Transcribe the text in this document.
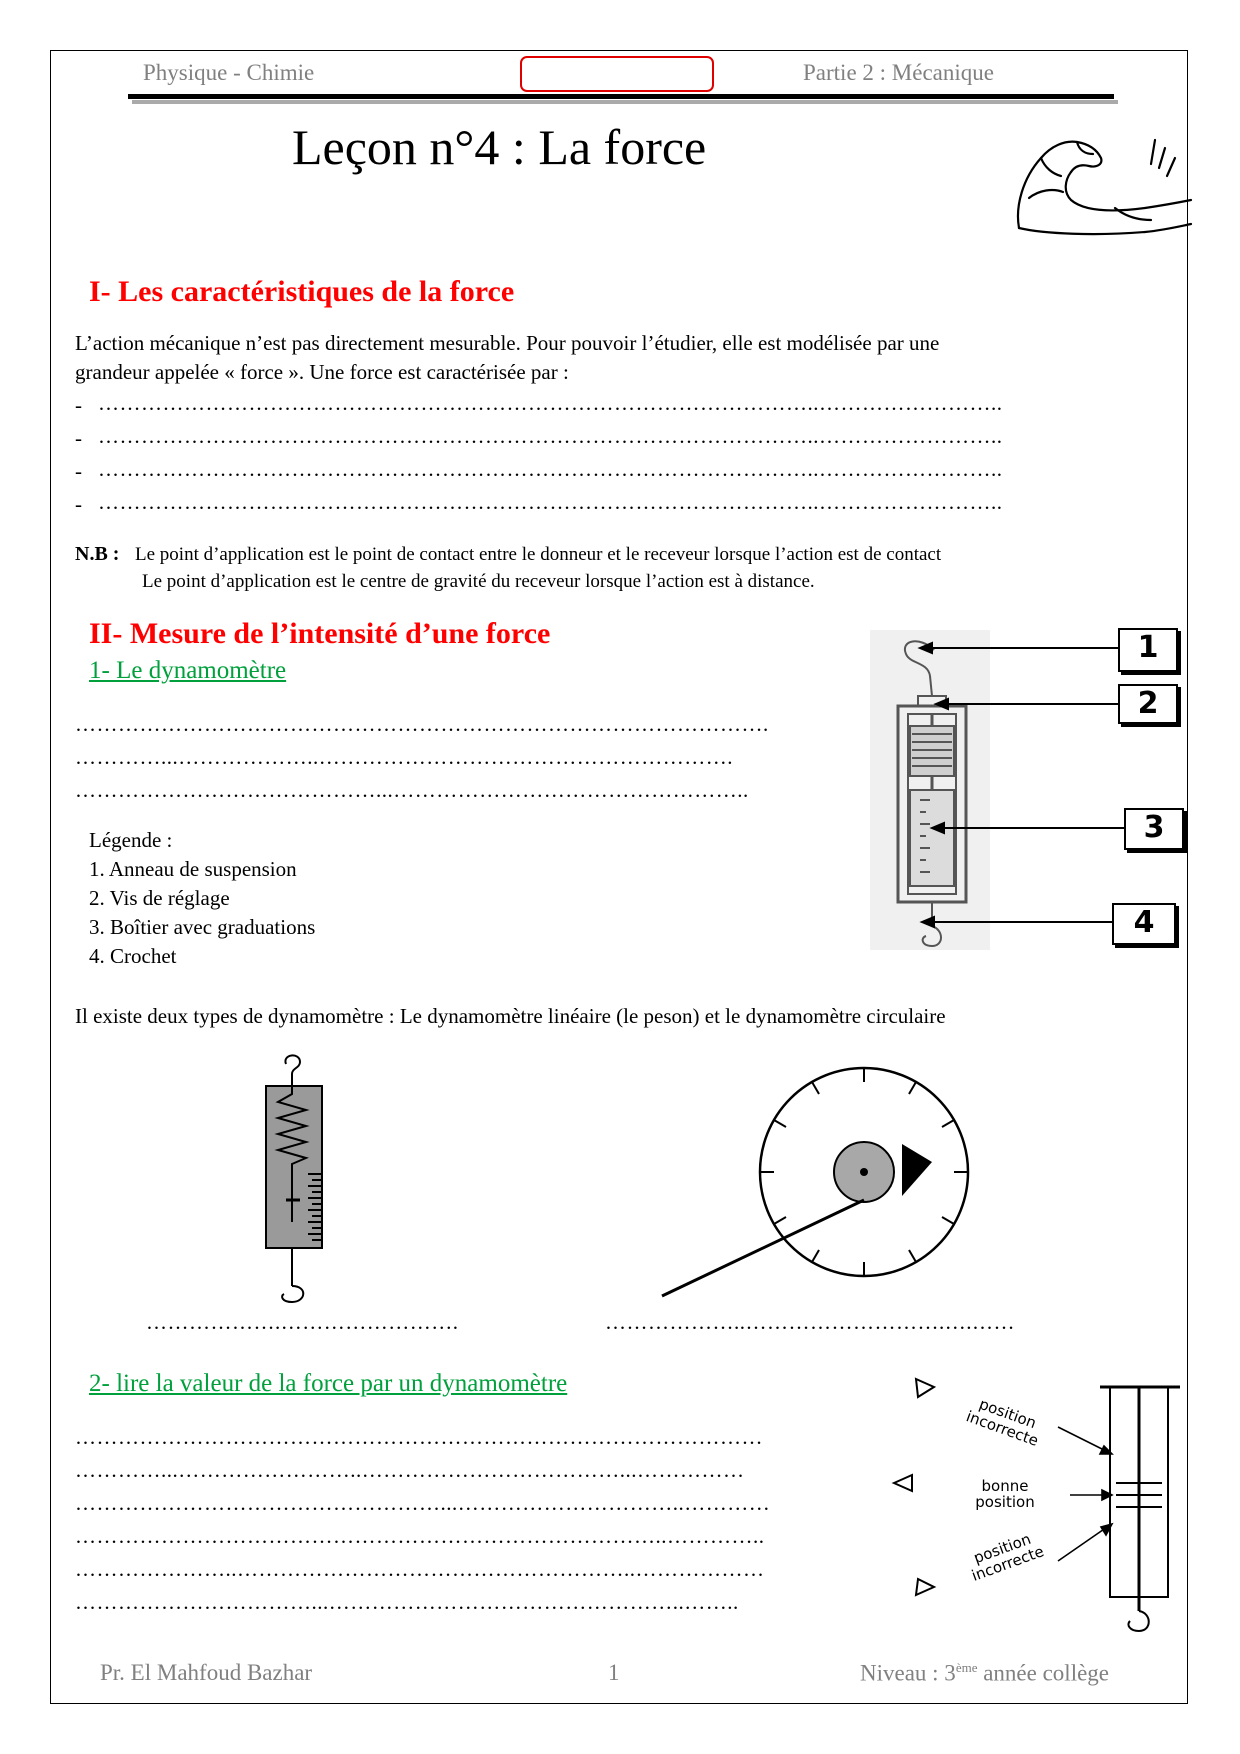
Physique - Chimie	Partie 2 : Mécanique
Leçon n°4 : La force
I- Les caractéristiques de la force
L’action mécanique n’est pas directement mesurable. Pour pouvoir l’étudier, elle est modélisée par une
grandeur appelée « force ». Une force est caractérisée par :
- ………………………………………………………………………………………..……………………..
- ………………………………………………………………………………………..……………………..
- ………………………………………………………………………………………..……………………..
- ………………………………………………………………………………………..……………………..
N.B : Le point d’application est le point de contact entre le donneur et le receveur lorsque l’action est de contact
Le point d’application est le centre de gravité du receveur lorsque l’action est à distance.
II- Mesure de l’intensité d’une force
1- Le dynamomètre
…………………………………………………………………………………….
…………...………………..………………………………………………….
……………………………………...…………………………………………..
Légende :
1. Anneau de suspension
2. Vis de réglage
3. Boîtier avec graduations
4. Crochet
1
2
3
4
Il existe deux types de dynamomètre : Le dynamomètre linéaire (le peson) et le dynamomètre circulaire
……………….…………………….	………………..……………………….….……
2- lire la valeur de la force par un dynamomètre
……………………………………………………………………………………
…………...……………………..………………………………...……………
……………………………………………...…………………………..…………
………………………………………………………………………..…………..
…………………..………………………………………………..………………
……………………………...…………………………………………..……..
position incorrecte
bonne position
position incorrecte
Pr. El Mahfoud Bazhar	1	Niveau : 3ème année collège
